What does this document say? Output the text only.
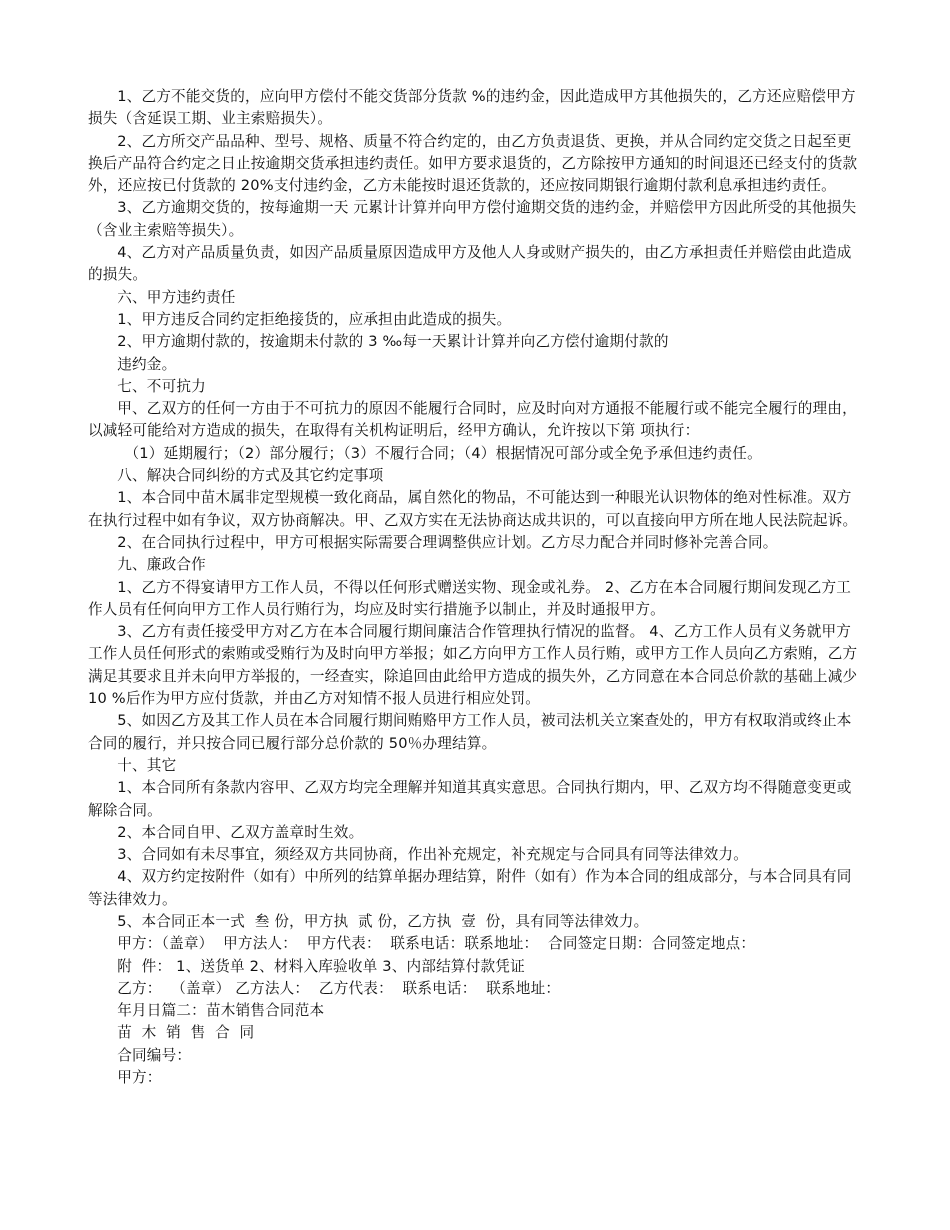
1、乙方不能交货的，应向甲方偿付不能交货部分货款 %的违约金，因此造成甲方其他损失的，乙方还应赔偿甲方损失（含延误工期、业主索赔损失）。

2、乙方所交产品品种、型号、规格、质量不符合约定的，由乙方负责退货、更换，并从合同约定交货之日起至更换后产品符合约定之日止按逾期交货承担违约责任。如甲方要求退货的，乙方除按甲方通知的时间退还已经支付的货款外，还应按已付货款的 20%支付违约金，乙方未能按时退还货款的，还应按同期银行逾期付款利息承担违约责任。

3、乙方逾期交货的，按每逾期一天 元累计计算并向甲方偿付逾期交货的违约金，并赔偿甲方因此所受的其他损失（含业主索赔等损失）。

4、乙方对产品质量负责，如因产品质量原因造成甲方及他人人身或财产损失的，由乙方承担责任并赔偿由此造成的损失。

六、甲方违约责任

1、甲方违反合同约定拒绝接货的，应承担由此造成的损失。

2、甲方逾期付款的，按逾期未付款的 3 ‰每一天累计计算并向乙方偿付逾期付款的

违约金。

七、不可抗力

甲、乙双方的任何一方由于不可抗力的原因不能履行合同时，应及时向对方通报不能履行或不能完全履行的理由，以减轻可能给对方造成的损失，在取得有关机构证明后，经甲方确认，允许按以下第 项执行：

（1）延期履行；（2）部分履行；（3）不履行合同；（4）根据情况可部分或全免予承但违约责任。

八、解决合同纠纷的方式及其它约定事项

1、本合同中苗木属非定型规模一致化商品，属自然化的物品，不可能达到一种眼光认识物体的绝对性标准。双方在执行过程中如有争议，双方协商解决。甲、乙双方实在无法协商达成共识的，可以直接向甲方所在地人民法院起诉。

2、在合同执行过程中，甲方可根据实际需要合理调整供应计划。乙方尽力配合并同时修补完善合同。

九、廉政合作

1、乙方不得宴请甲方工作人员，不得以任何形式赠送实物、现金或礼券。 2、乙方在本合同履行期间发现乙方工作人员有任何向甲方工作人员行贿行为，均应及时实行措施予以制止，并及时通报甲方。

3、乙方有责任接受甲方对乙方在本合同履行期间廉洁合作管理执行情况的监督。 4、乙方工作人员有义务就甲方工作人员任何形式的索贿或受贿行为及时向甲方举报；如乙方向甲方工作人员行贿，或甲方工作人员向乙方索贿，乙方满足其要求且并未向甲方举报的，一经查实，除追回由此给甲方造成的损失外，乙方同意在本合同总价款的基础上减少 10 %后作为甲方应付货款，并由乙方对知情不报人员进行相应处罚。

5、如因乙方及其工作人员在本合同履行期间贿赂甲方工作人员，被司法机关立案查处的，甲方有权取消或终止本合同的履行，并只按合同已履行部分总价款的 50％办理结算。

十、其它

1、本合同所有条款内容甲、乙双方均完全理解并知道其真实意思。合同执行期内，甲、乙双方均不得随意变更或解除合同。

2、本合同自甲、乙双方盖章时生效。

3、合同如有未尽事宜，须经双方共同协商，作出补充规定，补充规定与合同具有同等法律效力。

4、双方约定按附件（如有）中所列的结算单据办理结算，附件（如有）作为本合同的组成部分，与本合同具有同等法律效力。

5、本合同正本一式  叁 份，甲方执  贰 份，乙方执  壹  份，具有同等法律效力。

甲方：（盖章）  甲方法人：  甲方代表：  联系电话：联系地址：  合同签定日期：合同签定地点：

附  件： 1、送货单 2、材料入库验收单 3、内部结算付款凭证

乙方：  （盖章） 乙方法人：  乙方代表：  联系电话：  联系地址：

年月日篇二：苗木销售合同范本

苗  木  销  售  合  同

合同编号：

甲方：
